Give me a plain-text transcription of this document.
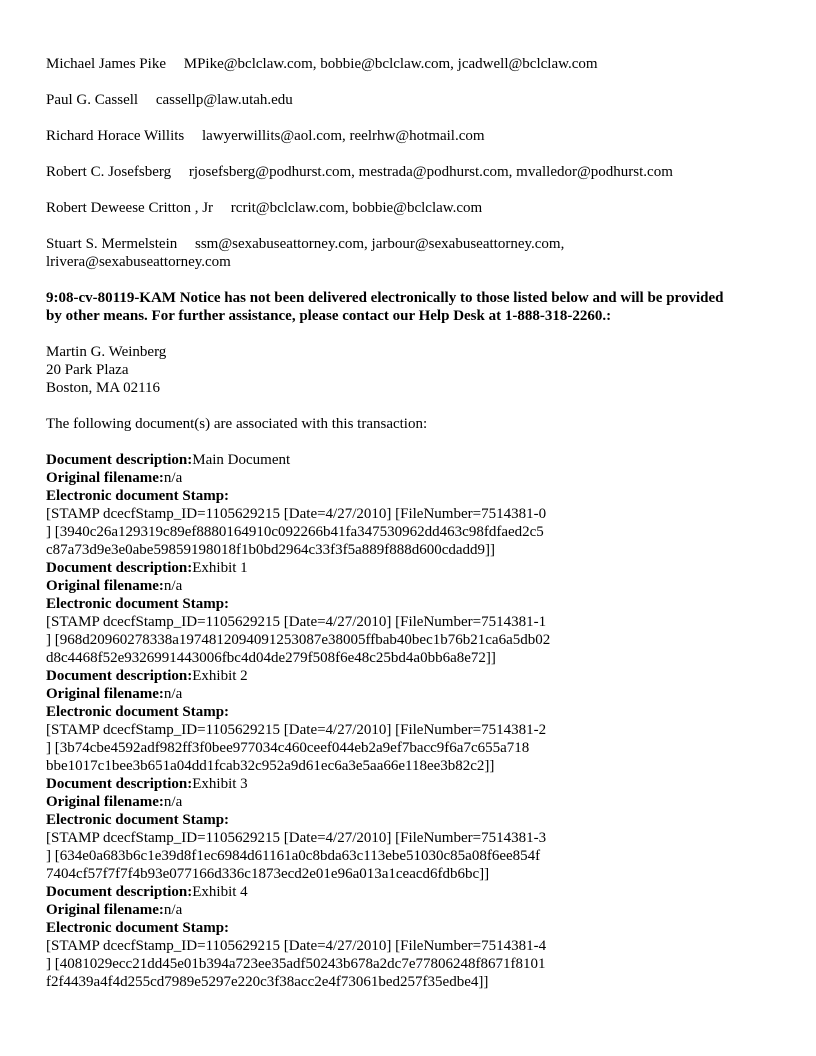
Michael James Pike MPike@bclclaw.com, bobbie@bclclaw.com, jcadwell@bclclaw.com
Paul G. Cassell cassellp@law.utah.edu
Richard Horace Willits lawyerwillits@aol.com, reelrhw@hotmail.com
Robert C. Josefsberg rjosefsberg@podhurst.com, mestrada@podhurst.com, mvalledor@podhurst.com
Robert Deweese Critton , Jr rcrit@bclclaw.com, bobbie@bclclaw.com
Stuart S. Mermelstein ssm@sexabuseattorney.com, jarbour@sexabuseattorney.com,
lrivera@sexabuseattorney.com
9:08-cv-80119-KAM Notice has not been delivered electronically to those listed below and will be provided
by other means. For further assistance, please contact our Help Desk at 1-888-318-2260.:
Martin G. Weinberg
20 Park Plaza
Boston, MA 02116
The following document(s) are associated with this transaction:
Document description:Main Document
Original filename:n/a
Electronic document Stamp:
[STAMP dcecfStamp_ID=1105629215 [Date=4/27/2010] [FileNumber=7514381-0
] [3940c26a129319c89ef8880164910c092266b41fa347530962dd463c98fdfaed2c5
c87a73d9e3e0abe59859198018f1b0bd2964c33f3f5a889f888d600cdadd9]]
Document description:Exhibit 1
Original filename:n/a
Electronic document Stamp:
[STAMP dcecfStamp_ID=1105629215 [Date=4/27/2010] [FileNumber=7514381-1
] [968d20960278338a1974812094091253087e38005ffbab40bec1b76b21ca6a5db02
d8c4468f52e9326991443006fbc4d04de279f508f6e48c25bd4a0bb6a8e72]]
Document description:Exhibit 2
Original filename:n/a
Electronic document Stamp:
[STAMP dcecfStamp_ID=1105629215 [Date=4/27/2010] [FileNumber=7514381-2
] [3b74cbe4592adf982ff3f0bee977034c460ceef044eb2a9ef7bacc9f6a7c655a718
bbe1017c1bee3b651a04dd1fcab32c952a9d61ec6a3e5aa66e118ee3b82c2]]
Document description:Exhibit 3
Original filename:n/a
Electronic document Stamp:
[STAMP dcecfStamp_ID=1105629215 [Date=4/27/2010] [FileNumber=7514381-3
] [634e0a683b6c1e39d8f1ec6984d61161a0c8bda63c113ebe51030c85a08f6ee854f
7404cf57f7f7f4b93e077166d336c1873ecd2e01e96a013a1ceacd6fdb6bc]]
Document description:Exhibit 4
Original filename:n/a
Electronic document Stamp:
[STAMP dcecfStamp_ID=1105629215 [Date=4/27/2010] [FileNumber=7514381-4
] [4081029ecc21dd45e01b394a723ee35adf50243b678a2dc7e77806248f8671f8101
f2f4439a4f4d255cd7989e5297e220c3f38acc2e4f73061bed257f35edbe4]]
